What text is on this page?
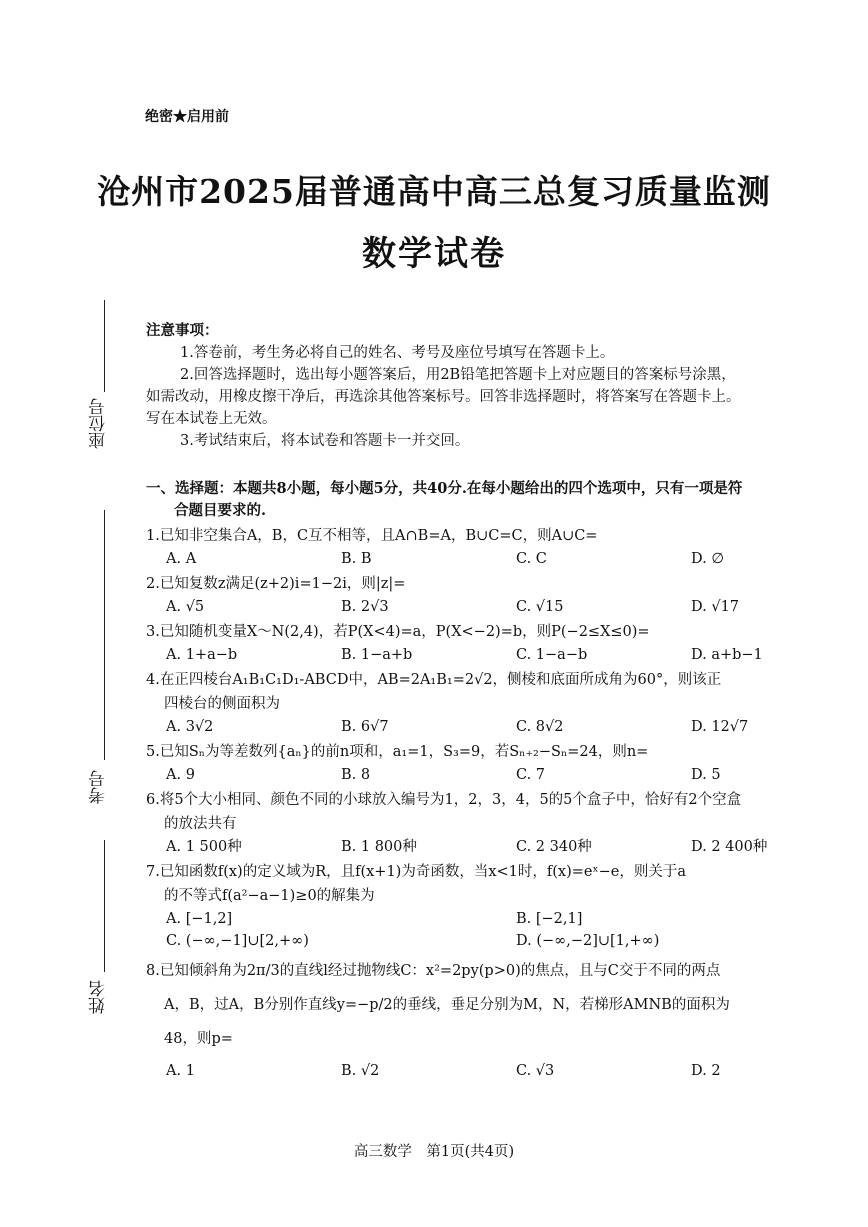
绝密★启用前
沧州市2025届普通高中高三总复习质量监测
数学试卷
座位号
考号
姓名

注意事项：

1.答卷前，考生务必将自己的姓名、考号及座位号填写在答题卡上。

2.回答选择题时，选出每小题答案后，用2B铅笔把答题卡上对应题目的答案标号涂黑，

如需改动，用橡皮擦干净后，再选涂其他答案标号。回答非选择题时，将答案写在答题卡上。

写在本试卷上无效。

3.考试结束后，将本试卷和答题卡一并交回。

一、选择题：本题共8小题，每小题5分，共40分.在每小题给出的四个选项中，只有一项是符
合题目要求的.
1.已知非空集合A，B，C互不相等，且A∩B=A，B∪C=C，则A∪C=
A. A	B. B	C. C	D. ∅
2.已知复数z满足(z+2)i=1−2i，则|z|=
A. √5	B. 2√3	C. √15	D. √17
3.已知随机变量X～N(2,4)，若P(X<4)=a，P(X<−2)=b，则P(−2≤X≤0)=
A. 1+a−b	B. 1−a+b	C. 1−a−b	D. a+b−1
4.在正四棱台A₁B₁C₁D₁-ABCD中，AB=2A₁B₁=2√2，侧棱和底面所成角为60°，则该正
四棱台的侧面积为
A. 3√2	B. 6√7	C. 8√2	D. 12√7
5.已知Sₙ为等差数列{aₙ}的前n项和，a₁=1，S₃=9，若Sₙ₊₂−Sₙ=24，则n=
A. 9	B. 8	C. 7	D. 5
6.将5个大小相同、颜色不同的小球放入编号为1，2，3，4，5的5个盒子中，恰好有2个空盒
的放法共有
A. 1 500种	B. 1 800种	C. 2 340种	D. 2 400种
7.已知函数f(x)的定义域为R，且f(x+1)为奇函数，当x<1时，f(x)=eˣ−e，则关于a
的不等式f(a²−a−1)≥0的解集为
A. [−1,2]	B. [−2,1]
C. (−∞,−1]∪[2,+∞)	D. (−∞,−2]∪[1,+∞)
8.已知倾斜角为2π/3的直线l经过抛物线C：x²=2py(p>0)的焦点，且与C交于不同的两点
A，B，过A，B分别作直线y=−p/2的垂线，垂足分别为M，N，若梯形AMNB的面积为
48，则p=
A. 1	B. √2	C. √3	D. 2
高三数学　第1页(共4页)
